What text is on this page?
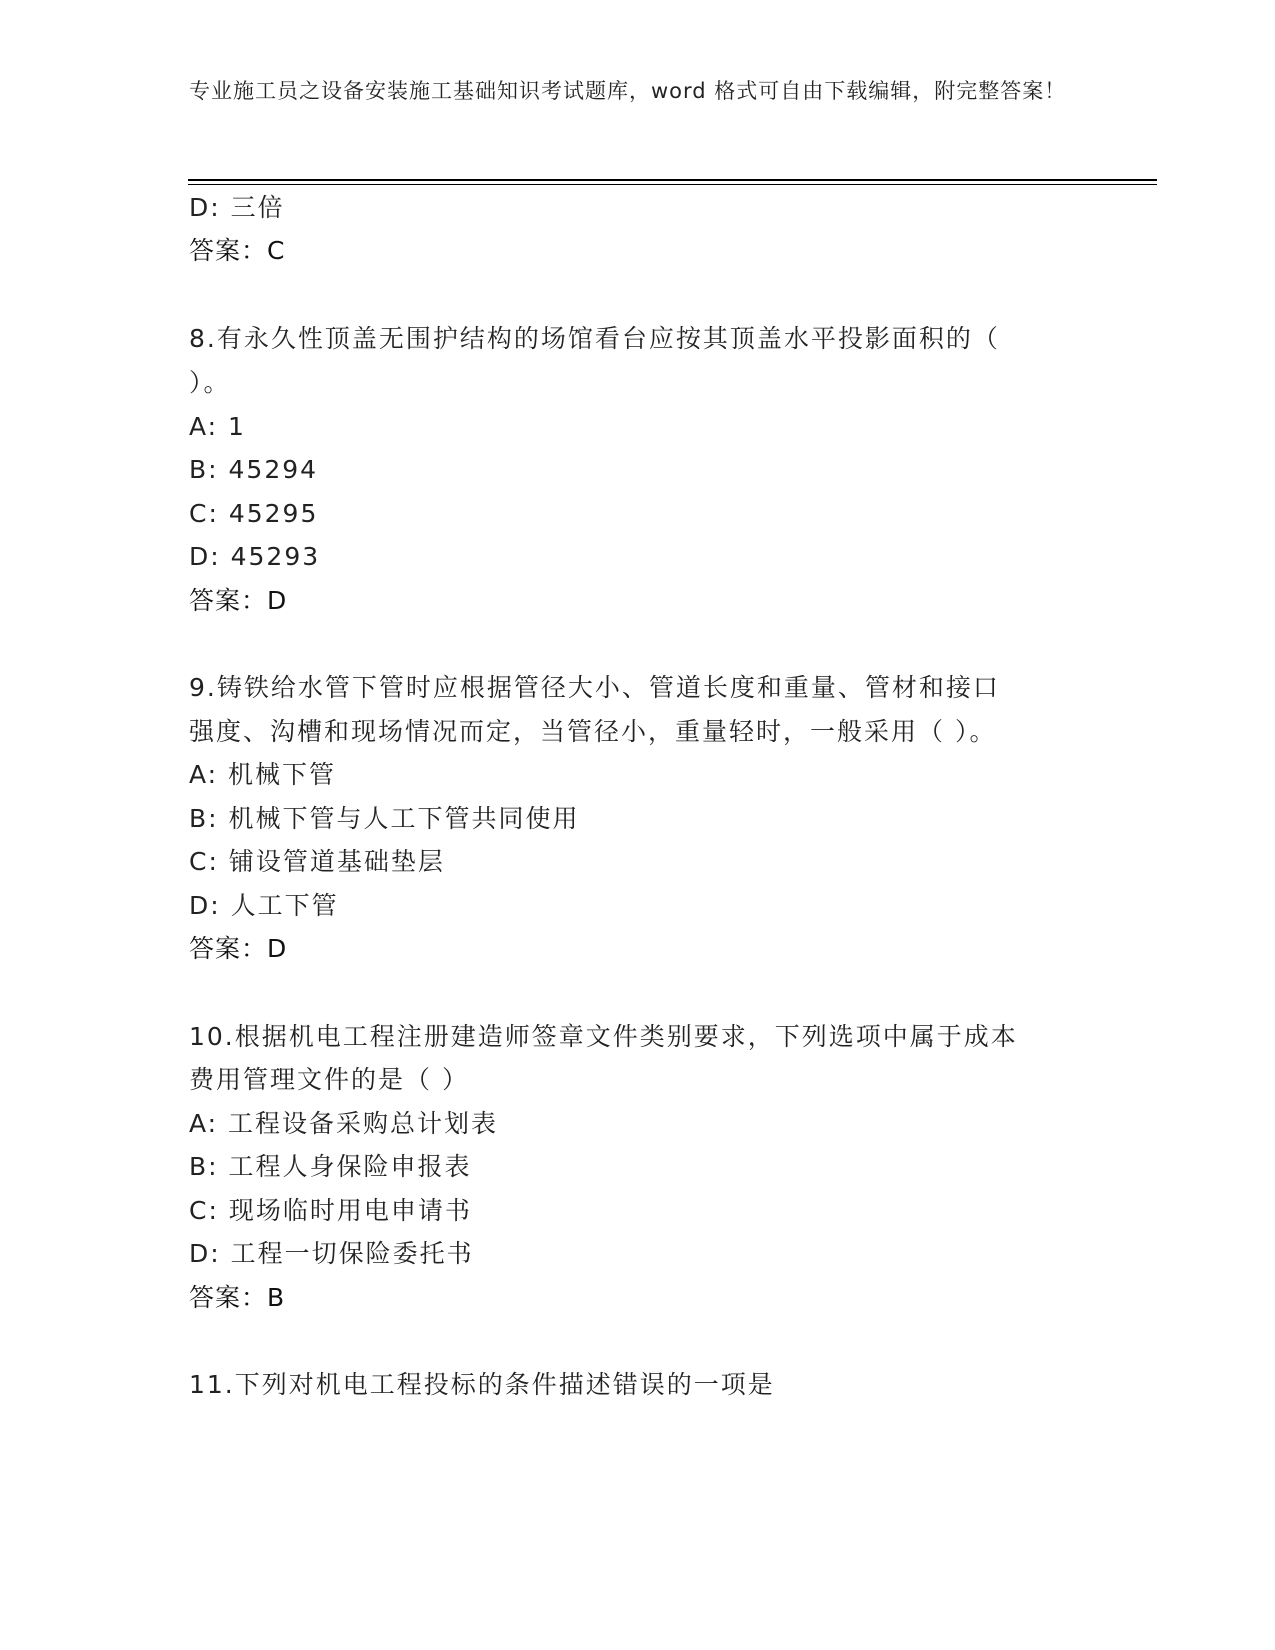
专业施工员之设备安装施工基础知识考试题库，word 格式可自由下载编辑，附完整答案！
D: 三倍
答案：C
8.有永久性顶盖无围护结构的场馆看台应按其顶盖水平投影面积的（
）。
A: 1
B: 45294
C: 45295
D: 45293
答案：D
9.铸铁给水管下管时应根据管径大小、管道长度和重量、管材和接口
强度、沟槽和现场情况而定，当管径小，重量轻时，一般采用（ ）。
A: 机械下管
B: 机械下管与人工下管共同使用
C: 铺设管道基础垫层
D: 人工下管
答案：D
10.根据机电工程注册建造师签章文件类别要求，下列选项中属于成本
费用管理文件的是（ ）
A: 工程设备采购总计划表
B: 工程人身保险申报表
C: 现场临时用电申请书
D: 工程一切保险委托书
答案：B
11.下列对机电工程投标的条件描述错误的一项是
